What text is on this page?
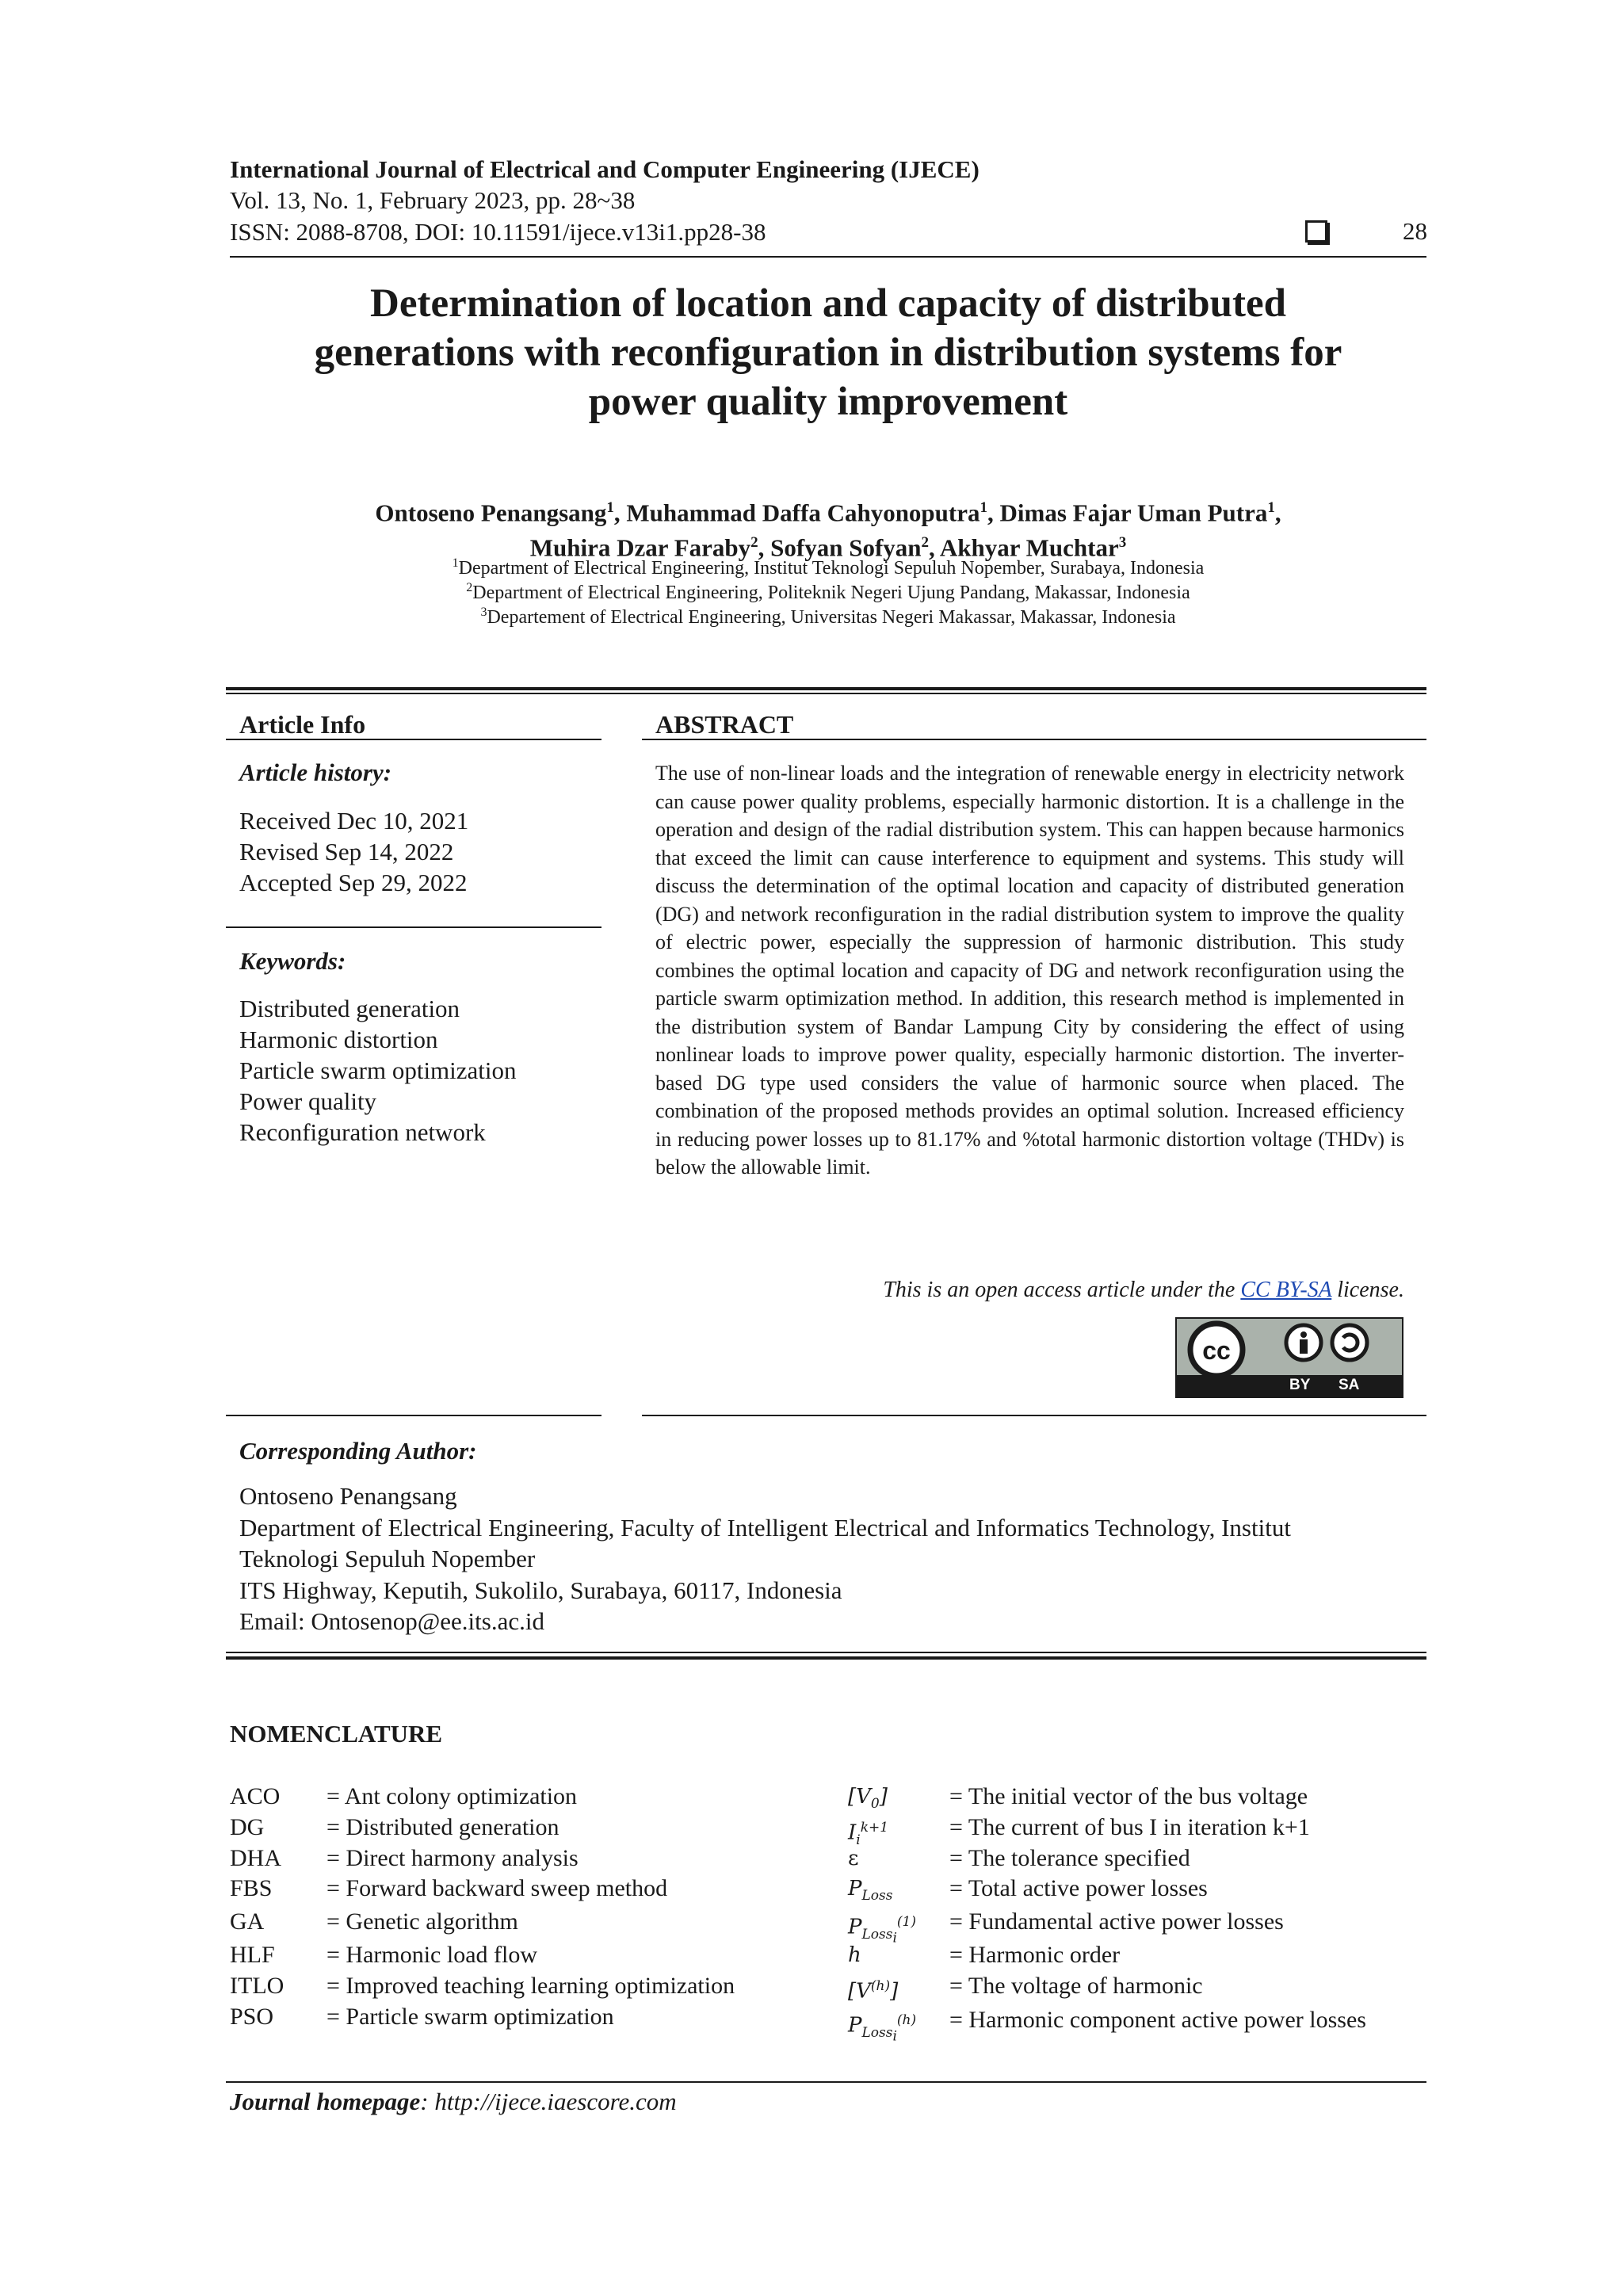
International Journal of Electrical and Computer Engineering (IJECE)
Vol. 13, No. 1, February 2023, pp. 28~38
ISSN: 2088-8708, DOI: 10.11591/ijece.v13i1.pp28-38	28
Determination of location and capacity of distributed
generations with reconfiguration in distribution systems for
power quality improvement
Ontoseno Penangsang$^1$, Muhammad Daffa Cahyonoputra$^1$, Dimas Fajar Uman Putra$^1$,
Muhira Dzar Faraby$^2$, Sofyan Sofyan$^2$, Akhyar Muchtar$^3$
$^1$Department of Electrical Engineering, Institut Teknologi Sepuluh Nopember, Surabaya, Indonesia
$^2$Department of Electrical Engineering, Politeknik Negeri Ujung Pandang, Makassar, Indonesia
$^3$Departement of Electrical Engineering, Universitas Negeri Makassar, Makassar, Indonesia
Article Info
Article history:
Received Dec 10, 2021
Revised Sep 14, 2022
Accepted Sep 29, 2022
Keywords:
Distributed generation
Harmonic distortion
Particle swarm optimization
Power quality
Reconfiguration network
ABSTRACT
The use of non-linear loads and the integration of renewable energy in electricity network can cause power quality problems, especially harmonic distortion. It is a challenge in the operation and design of the radial distribution system. This can happen because harmonics that exceed the limit can cause interference to equipment and systems. This study will discuss the determination of the optimal location and capacity of distributed generation (DG) and network reconfiguration in the radial distribution system to improve the quality of electric power, especially the suppression of harmonic distribution. This study combines the optimal location and capacity of DG and network reconfiguration using the particle swarm optimization method. In addition, this research method is implemented in the distribution system of Bandar Lampung City by considering the effect of using nonlinear loads to improve power quality, especially harmonic distortion. The inverter-based DG type used considers the value of harmonic source when placed. The combination of the proposed methods provides an optimal solution. Increased efficiency in reducing power losses up to 81.17% and %total harmonic distortion voltage (THDv) is below the allowable limit.
This is an open access article under the CC BY-SA license.
cc
BY SA
Corresponding Author:
Ontoseno Penangsang
Department of Electrical Engineering, Faculty of Intelligent Electrical and Informatics Technology, Institut
Teknologi Sepuluh Nopember
ITS Highway, Keputih, Sukolilo, Surabaya, 60117, Indonesia
Email: Ontosenop@ee.its.ac.id
NOMENCLATURE
ACO = Ant colony optimization
DG	= Distributed generation
DHA = Direct harmony analysis
FBS = Forward backward sweep method
GA	= Genetic algorithm
HLF = Harmonic load flow
ITLO = Improved teaching learning optimization
PSO = Particle swarm optimization
$[V_0]$	= The initial vector of the bus voltage
$I_i^{k+1}$	= The current of bus I in iteration k+1
ε	= The tolerance specified
$P_{Loss}$ = Total active power losses
$P_{Loss_i}^{(1)}$ = Fundamental active power losses
h	= Harmonic order
$[V^{(h)}]$ = The voltage of harmonic
$P_{Loss_i}^{(h)}$ = Harmonic component active power losses
Journal homepage: http://ijece.iaescore.com
